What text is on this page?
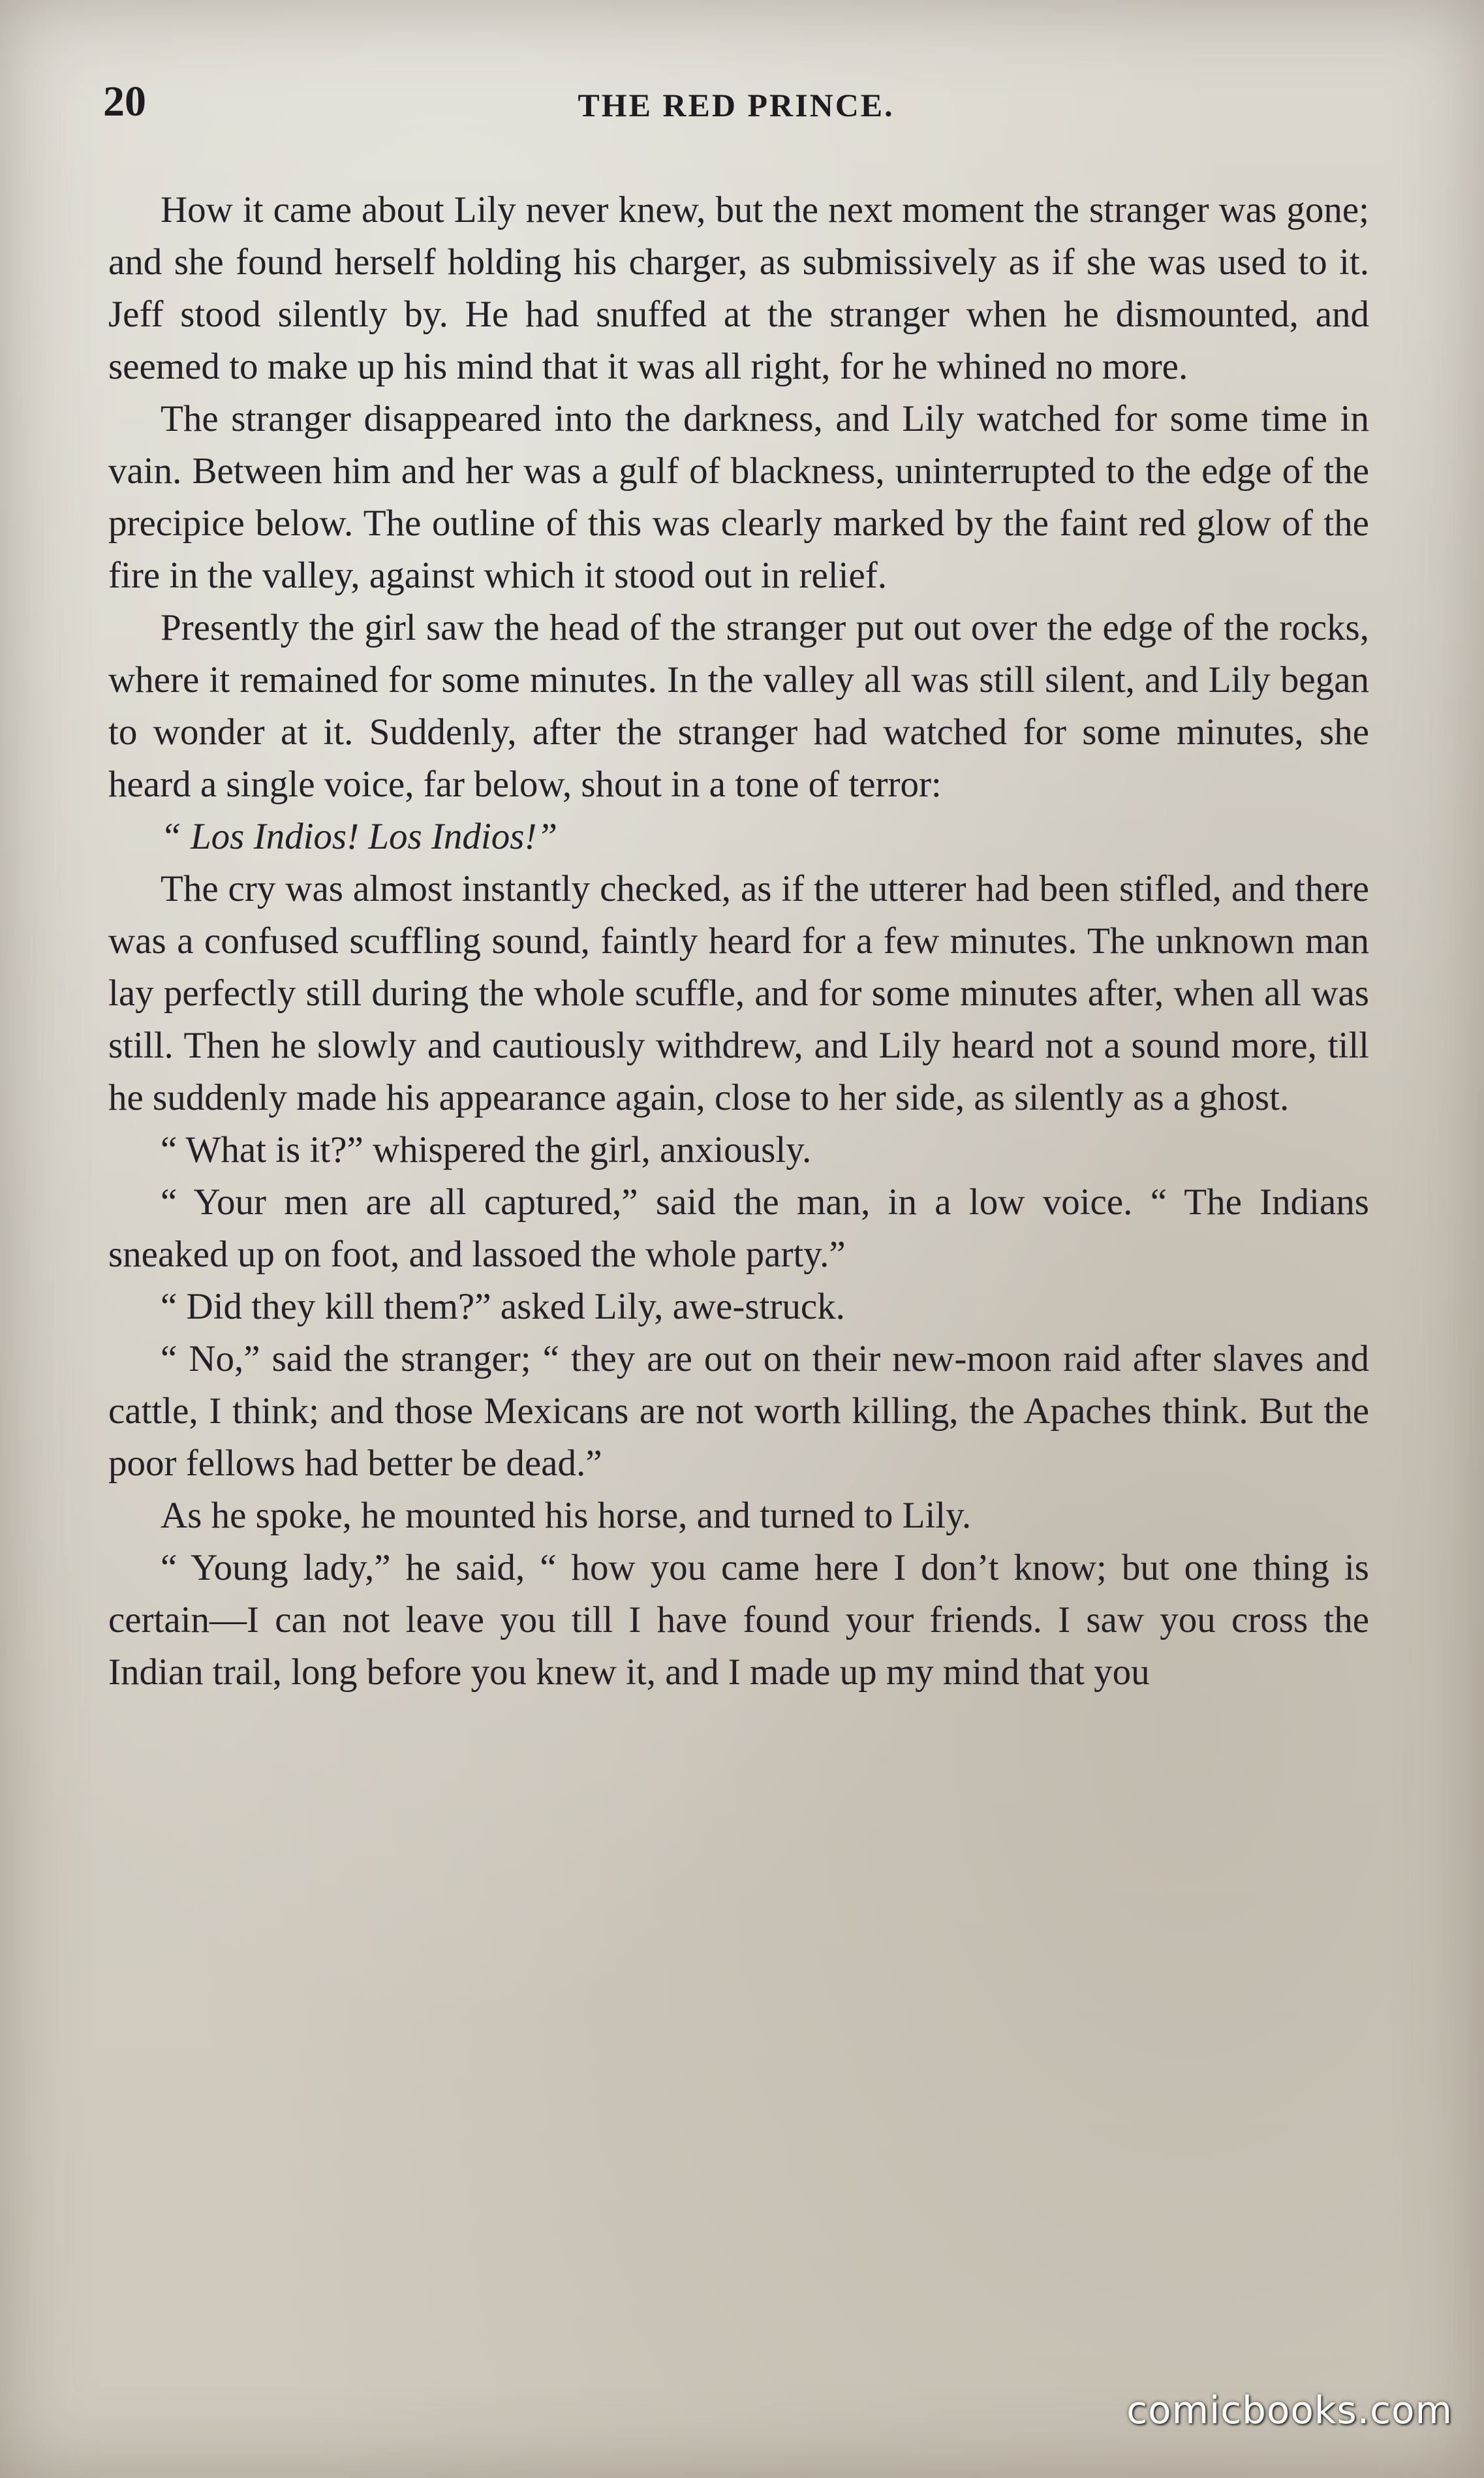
20	THE RED PRINCE.

How it came about Lily never knew, but the next moment the stranger was gone; and she found herself holding his charger, as submissively as if she was used to it. Jeff stood silently by. He had snuffed at the stranger when he dismounted, and seemed to make up his mind that it was all right, for he whined no more.

The stranger disappeared into the darkness, and Lily watched for some time in vain. Between him and her was a gulf of blackness, uninterrupted to the edge of the precipice below. The outline of this was clearly marked by the faint red glow of the fire in the valley, against which it stood out in relief.

Presently the girl saw the head of the stranger put out over the edge of the rocks, where it remained for some minutes. In the valley all was still silent, and Lily began to wonder at it. Suddenly, after the stranger had watched for some minutes, she heard a single voice, far below, shout in a tone of terror:

“ Los Indios! Los Indios!”

The cry was almost instantly checked, as if the utterer had been stifled, and there was a confused scuffling sound, faintly heard for a few minutes. The unknown man lay perfectly still during the whole scuffle, and for some minutes after, when all was still. Then he slowly and cautiously withdrew, and Lily heard not a sound more, till he suddenly made his appearance again, close to her side, as silently as a ghost.

“ What is it?” whispered the girl, anxiously.

“ Your men are all captured,” said the man, in a low voice. “ The Indians sneaked up on foot, and lassoed the whole party.”

“ Did they kill them?” asked Lily, awe-struck.

“ No,” said the stranger; “ they are out on their new-moon raid after slaves and cattle, I think; and those Mexicans are not worth killing, the Apaches think. But the poor fellows had better be dead.”

As he spoke, he mounted his horse, and turned to Lily.

“ Young lady,” he said, “ how you came here I don’t know; but one thing is certain—I can not leave you till I have found your friends. I saw you cross the Indian trail, long before you knew it, and I made up my mind that you

comicbooks.com
